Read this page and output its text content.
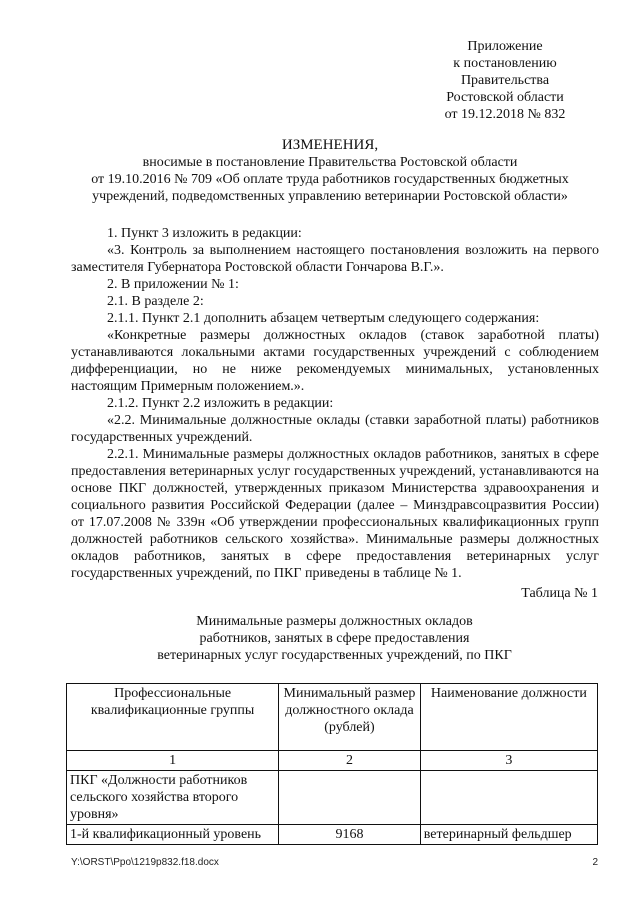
Приложение
к постановлению
Правительства
Ростовской области
от 19.12.2018 № 832
ИЗМЕНЕНИЯ,
вносимые в постановление Правительства Ростовской области
от 19.10.2016 № 709 «Об оплате труда работников государственных бюджетных
учреждений, подведомственных управлению ветеринарии Ростовской области»

1. Пункт 3 изложить в редакции:

«3. Контроль за выполнением настоящего постановления возложить на первого заместителя Губернатора Ростовской области Гончарова В.Г.».

2. В приложении № 1:

2.1. В разделе 2:

2.1.1. Пункт 2.1 дополнить абзацем четвертым следующего содержания:

«Конкретные размеры должностных окладов (ставок заработной платы) устанавливаются локальными актами государственных учреждений с соблюдением дифференциации, но не ниже рекомендуемых минимальных, установленных настоящим Примерным положением.».

2.1.2. Пункт 2.2 изложить в редакции:

«2.2. Минимальные должностные оклады (ставки заработной платы) работников государственных учреждений.

2.2.1. Минимальные размеры должностных окладов работников, занятых в сфере предоставления ветеринарных услуг государственных учреждений, устанавливаются на основе ПКГ должностей, утвержденных приказом Министерства здравоохранения и социального развития Российской Федерации (далее – Минздравсоцразвития России) от 17.07.2008 № 339н «Об утверждении профессиональных квалификационных групп должностей работников сельского хозяйства». Минимальные размеры должностных окладов работников, занятых в сфере предоставления ветеринарных услуг государственных учреждений, по ПКГ приведены в таблице № 1.

Таблица № 1
Минимальные размеры должностных окладов
работников, занятых в сфере предоставления
ветеринарных услуг государственных учреждений, по ПКГ
Профессиональные квалификационные группы	Минимальный размер должностного оклада (рублей)	Наименование должности
1	2	3
ПКГ «Должности работников сельского хозяйства второго уровня»		
1-й квалификационный уровень	9168	ветеринарный фельдшер
Y:\ORST\Ppo\1219p832.f18.docx	2
